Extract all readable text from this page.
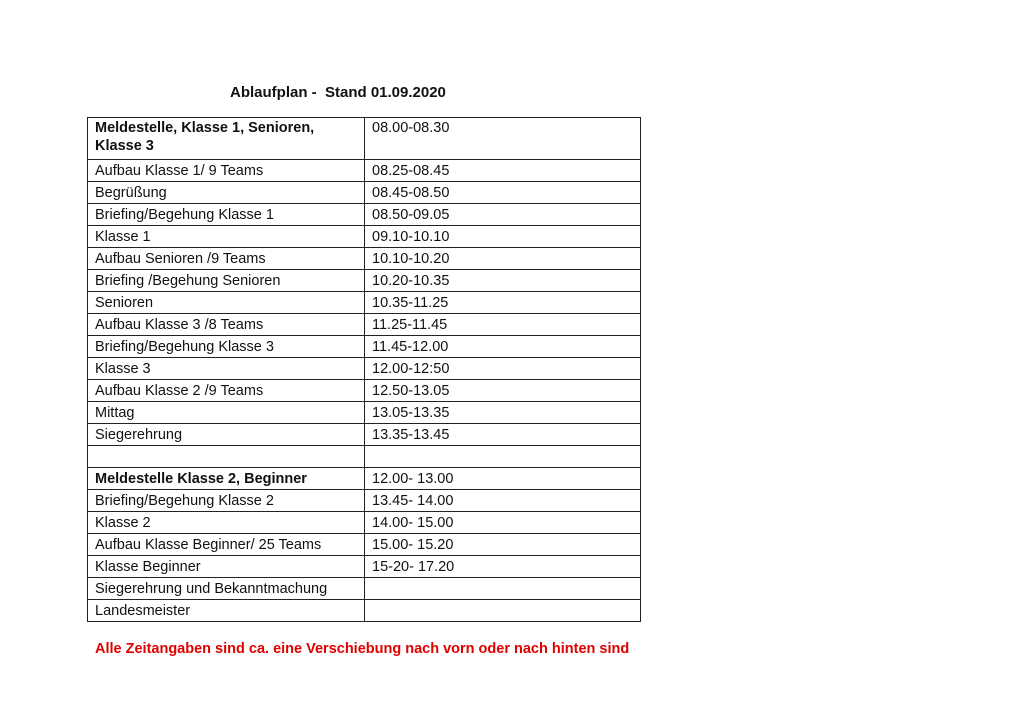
Ablaufplan -  Stand 01.09.2020
Meldestelle, Klasse 1, Senioren, Klasse 3	08.00-08.30
Aufbau Klasse 1/ 9 Teams	08.25-08.45
Begrüßung	08.45-08.50
Briefing/Begehung Klasse 1	08.50-09.05
Klasse 1	09.10-10.10
Aufbau Senioren /9 Teams	10.10-10.20
Briefing /Begehung Senioren	10.20-10.35
Senioren	10.35-11.25
Aufbau Klasse 3 /8 Teams	11.25-11.45
Briefing/Begehung Klasse 3	11.45-12.00
Klasse 3	12.00-12:50
Aufbau Klasse 2 /9 Teams	12.50-13.05
Mittag	13.05-13.35
Siegerehrung	13.35-13.45

Meldestelle Klasse 2, Beginner	12.00- 13.00
Briefing/Begehung Klasse 2	13.45- 14.00
Klasse 2	14.00- 15.00
Aufbau Klasse Beginner/ 25 Teams	15.00- 15.20
Klasse Beginner	15-20- 17.20
Siegerehrung und Bekanntmachung	
Landesmeister	
Alle Zeitangaben sind ca. eine Verschiebung nach vorn oder nach hinten sind
